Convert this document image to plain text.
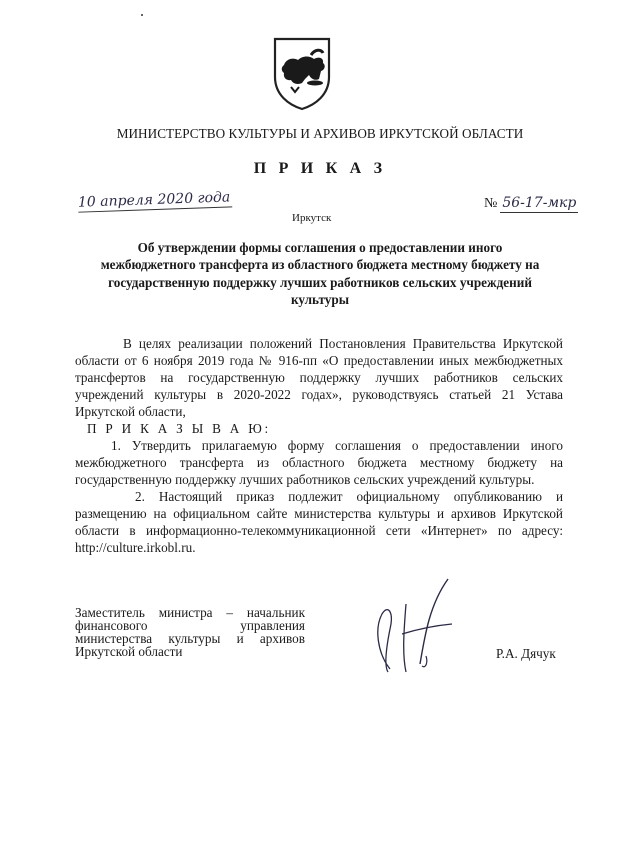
МИНИСТЕРСТВО КУЛЬТУРЫ И АРХИВОВ ИРКУТСКОЙ ОБЛАСТИ
П Р И К А З
10 апреля 2020 года
Иркутск
№ 56-17-мкр
Об утверждении формы соглашения о предоставлении иного межбюджетного трансферта из областного бюджета местному бюджету на государственную поддержку лучших работников сельских учреждений культуры

В целях реализации положений Постановления Правительства Иркутской области от 6 ноября 2019 года № 916-пп «О предоставлении иных межбюджетных трансфертов на государственную поддержку лучших работников сельских учреждений культуры в 2020-2022 годах», руководствуясь статьей 21 Устава Иркутской области,

П Р И К А З Ы В А Ю:

1. Утвердить прилагаемую форму соглашения о предоставлении иного межбюджетного трансферта из областного бюджета местному бюджету на государственную поддержку лучших работников сельских учреждений культуры.

2. Настоящий приказ подлежит официальному опубликованию и размещению на официальном сайте министерства культуры и архивов Иркутской области в информационно-телекоммуникационной сети «Интернет» по адресу: http://culture.irkobl.ru.

Заместитель министра – начальник
финансового управления
министерства культуры и архивов
Иркутской области	Р.А. Дячук
